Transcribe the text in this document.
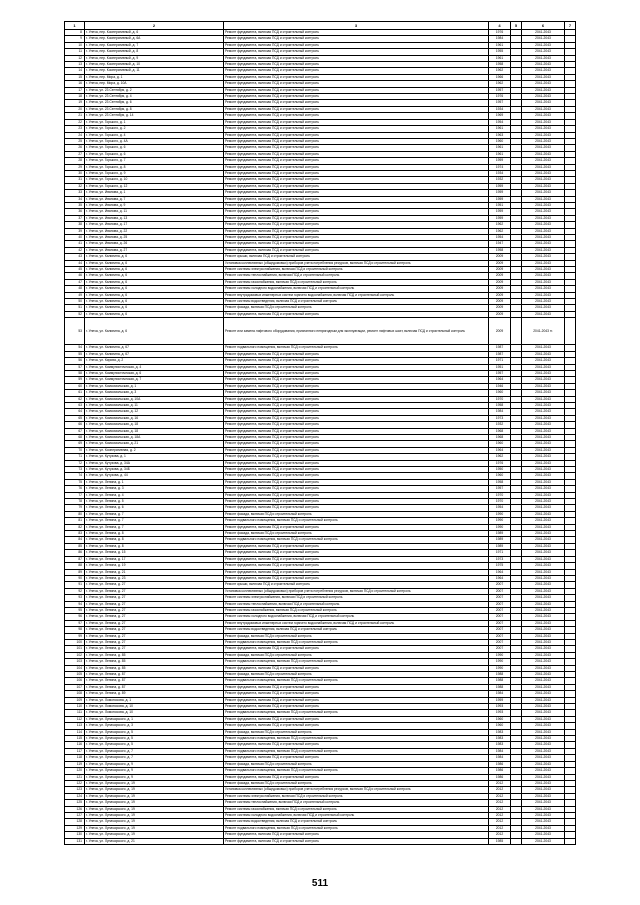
1	2	3	4	5	6	7
8	г. Унеча, пер. Кооперативный, д. 6	Ремонт фундамента, включая ПСД и строительный контроль	1976		2041-2043	
9	г. Унеча, пер. Кооперативный, д. 6А	Ремонт фундамента, включая ПСД и строительный контроль	1984		2041-2043	
10	г. Унеча, пер. Кооперативный, д. 7	Ремонт фундамента, включая ПСД и строительный контроль	1961		2041-2043	
11	г. Унеча, пер. Кооперативный, д. 8	Ремонт фундамента, включая ПСД и строительный контроль	1955		2041-2043	
12	г. Унеча, пер. Кооперативный, д. 9	Ремонт фундамента, включая ПСД и строительный контроль	1961		2041-2043	
13	г. Унеча, пер. Кооперативный, д. 10	Ремонт фундамента, включая ПСД и строительный контроль	1958		2041-2043	
14	г. Унеча, пер. Кооперативный, д. 11	Ремонт фундамента, включая ПСД и строительный контроль	1962		2041-2043	
15	г. Унеча, пер. Мира, д. 1	Ремонт фундамента, включая ПСД и строительный контроль	1966		2041-2043	
16	г. Унеча, пер. Мира, д. 10А	Ремонт фундамента, включая ПСД и строительный контроль	1962		2041-2043	
17	г. Унеча, ул. 23 Сентября, д. 2	Ремонт фундамента, включая ПСД и строительный контроль	1957		2041-2043	
18	г. Унеча, ул. 23 Сентября, д. 4	Ремонт фундамента, включая ПСД и строительный контроль	1976		2041-2043	
19	г. Унеча, ул. 23 Сентября, д. 6	Ремонт фундамента, включая ПСД и строительный контроль	1957		2041-2043	
20	г. Унеча, ул. 23 Сентября, д. 8	Ремонт фундамента, включая ПСД и строительный контроль	1934		2041-2043	
21	г. Унеча, ул. 23 Сентября, д. 14	Ремонт фундамента, включая ПСД и строительный контроль	1969		2041-2043	
22	г. Унеча, ул. Горького, д. 1	Ремонт фундамента, включая ПСД и строительный контроль	1954		2041-2043	
23	г. Унеча, ул. Горького, д. 2	Ремонт фундамента, включая ПСД и строительный контроль	1961		2041-2043	
24	г. Унеча, ул. Горького, д. 4	Ремонт фундамента, включая ПСД и строительный контроль	1963		2041-2043	
25	г. Унеча, ул. Горького, д. 4А	Ремонт фундамента, включая ПСД и строительный контроль	1960		2041-2043	
26	г. Унеча, ул. Горького, д. 6	Ремонт фундамента, включая ПСД и строительный контроль	1961		2041-2043	
27	г. Унеча, ул. Горького, д. 6	Ремонт фундамента, включая ПСД и строительный контроль	1961		2041-2043	
28	г. Унеча, ул. Горького, д. 7	Ремонт фундамента, включая ПСД и строительный контроль	1959		2041-2043	
29	г. Унеча, ул. Горького, д. 8	Ремонт фундамента, включая ПСД и строительный контроль	1974		2041-2043	
30	г. Унеча, ул. Горького, д. 9	Ремонт фундамента, включая ПСД и строительный контроль	1934		2041-2043	
31	г. Унеча, ул. Горького, д. 10	Ремонт фундамента, включая ПСД и строительный контроль	1932		2041-2043	
32	г. Унеча, ул. Горького, д. 12	Ремонт фундамента, включая ПСД и строительный контроль	1959		2041-2043	
33	г. Унеча, ул. Иванова, д. 1	Ремонт фундамента, включая ПСД и строительный контроль	1959		2041-2043	
34	г. Унеча, ул. Иванова, д. 7	Ремонт фундамента, включая ПСД и строительный контроль	1959		2041-2043	
35	г. Унеча, ул. Иванова, д. 9	Ремонт фундамента, включая ПСД и строительный контроль	1951		2041-2043	
36	г. Унеча, ул. Иванова, д. 11	Ремонт фундамента, включая ПСД и строительный контроль	1959		2041-2043	
37	г. Унеча, ул. Иванова, д. 13	Ремонт фундамента, включая ПСД и строительный контроль	1959		2041-2043	
38	г. Унеча, ул. Иванова, д. 17	Ремонт фундамента, включая ПСД и строительный контроль	1962		2041-2043	
39	г. Унеча, ул. Иванова, д. 22	Ремонт фундамента, включая ПСД и строительный контроль	1962		2041-2043	
40	г. Унеча, ул. Иванова, д. 25	Ремонт фундамента, включая ПСД и строительный контроль	1954		2041-2043	
41	г. Унеча, ул. Иванова, д. 26	Ремонт фундамента, включая ПСД и строительный контроль	1947		2041-2043	
42	г. Унеча, ул. Иванова, д. 27	Ремонт фундамента, включая ПСД и строительный контроль	1958		2041-2043	
43	г. Унеча, ул. Калинина, д. 6	Ремонт крыши, включая ПСД и строительный контроль	2009		2041-2043	
44	г. Унеча, ул. Калинина, д. 6	Установка коллективных (общедомовых) приборов учета потребления ресурсов, включая ПСД и строительный контроль	2009		2041-2043	
45	г. Унеча, ул. Калинина, д. 6	Ремонт системы электроснабжения, включая ПСД и строительный контроль	2009		2041-2043	
46	г. Унеча, ул. Калинина, д. 6	Ремонт системы теплоснабжения, включая ПСД и строительный контроль	2009		2041-2043	
47	г. Унеча, ул. Калинина, д. 6	Ремонт системы газоснабжения, включая ПСД и строительный контроль	2009		2041-2043	
48	г. Унеча, ул. Калинина, д. 6	Ремонт системы холодного водоснабжения, включая ПСД и строительный контроль	2009		2041-2043	
49	г. Унеча, ул. Калинина, д. 6	Ремонт внутридомовых инженерных систем горячего водоснабжения, включая ПСД и строительный контроль	2009		2041-2043	
50	г. Унеча, ул. Калинина, д. 6	Ремонт системы водоотведения, включая ПСД и строительный контроль	2009		2041-2043	
51	г. Унеча, ул. Калинина, д. 6	Ремонт фасада, включая ПСД и строительный контроль	2009		2041-2043	
52	г. Унеча, ул. Калинина, д. 6	Ремонт фундамента, включая ПСД и строительный контроль	2009		2041-2043	
53	г. Унеча, ул. Калинина, д. 6	Ремонт или замена лифтового оборудования, признанного непригодным для эксплуатации, ремонт лифтовых шахт, включая ПСД и строительный контроль	2009		2041-2043 гг.	
54	г. Унеча, ул. Калинина, д. 67	Ремонт подвального помещения, включая ПСД и строительный контроль	1987		2041-2043	
55	г. Унеча, ул. Калинина, д. 67	Ремонт фундамента, включая ПСД и строительный контроль	1987		2041-2043	
56	г. Унеча, ул. Кирова, д. 2	Ремонт фундамента, включая ПСД и строительный контроль	1971		2041-2043	
57	г. Унеча, ул. Коммунистическая, д. 4	Ремонт фундамента, включая ПСД и строительный контроль	1951		2041-2043	
58	г. Унеча, ул. Коммунистическая, д. 6	Ремонт фундамента, включая ПСД и строительный контроль	1957		2041-2043	
59	г. Унеча, ул. Коммунистическая, д. 7	Ремонт фундамента, включая ПСД и строительный контроль	1964		2041-2043	
60	г. Унеча, ул. Комсомольская, д. 1	Ремонт фундамента, включая ПСД и строительный контроль	1946		2041-2043	
61	г. Унеча, ул. Комсомольская, д. 3	Ремонт фундамента, включая ПСД и строительный контроль	1960		2041-2043	
62	г. Унеча, ул. Комсомольская, д. 10А	Ремонт фундамента, включая ПСД и строительный контроль	1970		2041-2043	
63	г. Унеча, ул. Комсомольская, д. 11	Ремонт фундамента, включая ПСД и строительный контроль	1958		2041-2043	
64	г. Унеча, ул. Комсомольская, д. 12	Ремонт фундамента, включая ПСД и строительный контроль	1984		2041-2043	
65	г. Унеча, ул. Комсомольская, д. 16	Ремонт фундамента, включая ПСД и строительный контроль	1973		2041-2043	
66	г. Унеча, ул. Комсомольская, д. 18	Ремонт фундамента, включая ПСД и строительный контроль	1932		2041-2043	
67	г. Унеча, ул. Комсомольская, д. 18	Ремонт фундамента, включая ПСД и строительный контроль	1968		2041-2043	
68	г. Унеча, ул. Комсомольская, д. 18А	Ремонт фундамента, включая ПСД и строительный контроль	1968		2041-2043	
69	г. Унеча, ул. Комсомольская, д. 21	Ремонт фундамента, включая ПСД и строительный контроль	1960		2041-2043	
70	г. Унеча, ул. Кооперативная, д. 2	Ремонт фундамента, включая ПСД и строительный контроль	1964		2041-2043	
71	г. Унеча, ул. Кутузова, д. 1	Ремонт фундамента, включая ПСД и строительный контроль	1962		2041-2043	
72	г. Унеча, ул. Кутузова, д. 34А	Ремонт фундамента, включая ПСД и строительный контроль	1976		2041-2043	
73	г. Унеча, ул. Кутузова, д. 34Б	Ремонт фундамента, включая ПСД и строительный контроль	1950		2041-2043	
74	г. Унеча, ул. Кутузова, д. 44	Ремонт фундамента, включая ПСД и строительный контроль	1960		2041-2043	
75	г. Унеча, ул. Ленина, д. 1	Ремонт фундамента, включая ПСД и строительный контроль	1958		2041-2043	
76	г. Унеча, ул. Ленина, д. 3	Ремонт фундамента, включая ПСД и строительный контроль	1957		2041-2043	
77	г. Унеча, ул. Ленина, д. 4	Ремонт фундамента, включая ПСД и строительный контроль	1970		2041-2043	
78	г. Унеча, ул. Ленина, д. 5	Ремонт фундамента, включая ПСД и строительный контроль	1970		2041-2043	
79	г. Унеча, ул. Ленина, д. 6	Ремонт фундамента, включая ПСД и строительный контроль	1954		2041-2043	
80	г. Унеча, ул. Ленина, д. 7	Ремонт фасада, включая ПСД и строительный контроль	1990		2041-2043	
81	г. Унеча, ул. Ленина, д. 7	Ремонт подвального помещения, включая ПСД и строительный контроль	1990		2041-2043	
82	г. Унеча, ул. Ленина, д. 7	Ремонт фундамента, включая ПСД и строительный контроль	1990		2041-2043	
83	г. Унеча, ул. Ленина, д. 8	Ремонт фасада, включая ПСД и строительный контроль	1989		2041-2043	
84	г. Унеча, ул. Ленина, д. 8	Ремонт подвального помещения, включая ПСД и строительный контроль	1989		2041-2043	
85	г. Унеча, ул. Ленина, д. 8	Ремонт фундамента, включая ПСД и строительный контроль	1989		2041-2043	
86	г. Унеча, ул. Ленина, д. 15	Ремонт фундамента, включая ПСД и строительный контроль	1971		2041-2043	
87	г. Унеча, ул. Ленина, д. 17	Ремонт фундамента, включая ПСД и строительный контроль	1973		2041-2043	
88	г. Унеча, ул. Ленина, д. 19	Ремонт фундамента, включая ПСД и строительный контроль	1975		2041-2043	
89	г. Унеча, ул. Ленина, д. 21	Ремонт фундамента, включая ПСД и строительный контроль	1964		2041-2043	
90	г. Унеча, ул. Ленина, д. 23	Ремонт фундамента, включая ПСД и строительный контроль	1964		2041-2043	
91	г. Унеча, ул. Ленина, д. 27	Ремонт крыши, включая ПСД и строительный контроль	2007		2041-2043	
92	г. Унеча, ул. Ленина, д. 27	Установка коллективных (общедомовых) приборов учета потребления ресурсов, включая ПСД и строительный контроль	2007		2041-2043	
93	г. Унеча, ул. Ленина, д. 27	Ремонт системы электроснабжения, включая ПСД и строительный контроль	2007		2041-2043	
94	г. Унеча, ул. Ленина, д. 27	Ремонт системы теплоснабжения, включая ПСД и строительный контроль	2007		2041-2043	
95	г. Унеча, ул. Ленина, д. 27	Ремонт системы газоснабжения, включая ПСД и строительный контроль	2007		2041-2043	
96	г. Унеча, ул. Ленина, д. 27	Ремонт системы холодного водоснабжения, включая ПСД и строительный контроль	2007		2041-2043	
97	г. Унеча, ул. Ленина, д. 27	Ремонт внутридомовых инженерных систем горячего водоснабжения, включая ПСД и строительный контроль	2007		2041-2043	
98	г. Унеча, ул. Ленина, д. 27	Ремонт системы водоотведения, включая ПСД и строительный контроль	2007		2041-2043	
99	г. Унеча, ул. Ленина, д. 27	Ремонт фасада, включая ПСД и строительный контроль	2007		2041-2043	
100	г. Унеча, ул. Ленина, д. 27	Ремонт подвального помещения, включая ПСД и строительный контроль	2007		2041-2043	
101	г. Унеча, ул. Ленина, д. 27	Ремонт фундамента, включая ПСД и строительный контроль	2007		2041-2043	
102	г. Унеча, ул. Ленина, д. 85	Ремонт фасада, включая ПСД и строительный контроль	1990		2041-2043	
103	г. Унеча, ул. Ленина, д. 85	Ремонт подвального помещения, включая ПСД и строительный контроль	1990		2041-2043	
104	г. Унеча, ул. Ленина, д. 85	Ремонт фундамента, включая ПСД и строительный контроль	1990		2041-2043	
105	г. Унеча, ул. Ленина, д. 87	Ремонт фасада, включая ПСД и строительный контроль	1988		2041-2043	
106	г. Унеча, ул. Ленина, д. 87	Ремонт подвального помещения, включая ПСД и строительный контроль	1988		2041-2043	
107	г. Унеча, ул. Ленина, д. 87	Ремонт фундамента, включая ПСД и строительный контроль	1988		2041-2043	
108	г. Унеча, ул. Ленина, д. 89	Ремонт фундамента, включая ПСД и строительный контроль	1984		2041-2043	
109	г. Унеча, ул. Ломоносова, д. 1	Ремонт фундамента, включая ПСД и строительный контроль	1959		2041-2043	
110	г. Унеча, ул. Ломоносова, д. 10	Ремонт фундамента, включая ПСД и строительный контроль	1993		2041-2043	
111	г. Унеча, ул. Ломоносова, д. 10	Ремонт подвального помещения, включая ПСД и строительный контроль	1993		2041-2043	
112	г. Унеча, ул. Луначарского, д. 1	Ремонт фундамента, включая ПСД и строительный контроль	1960		2041-2043	
113	г. Унеча, ул. Луначарского, д. 3	Ремонт фундамента, включая ПСД и строительный контроль	1960		2041-2043	
114	г. Унеча, ул. Луначарского, д. 5	Ремонт фасада, включая ПСД и строительный контроль	1983		2041-2043	
115	г. Унеча, ул. Луначарского, д. 5	Ремонт подвального помещения, включая ПСД и строительный контроль	1983		2041-2043	
116	г. Унеча, ул. Луначарского, д. 5	Ремонт фундамента, включая ПСД и строительный контроль	1983		2041-2043	
117	г. Унеча, ул. Луначарского, д. 7	Ремонт подвального помещения, включая ПСД и строительный контроль	1984		2041-2043	
118	г. Унеча, ул. Луначарского, д. 7	Ремонт фундамента, включая ПСД и строительный контроль	1984		2041-2043	
119	г. Унеча, ул. Луначарского, д. 9	Ремонт фасада, включая ПСД и строительный контроль	1986		2041-2043	
120	г. Унеча, ул. Луначарского, д. 9	Ремонт подвального помещения, включая ПСД и строительный контроль	1986		2041-2043	
121	г. Унеча, ул. Луначарского, д. 9	Ремонт фундамента, включая ПСД и строительный контроль	1986		2041-2043	
122	г. Унеча, ул. Луначарского, д. 19	Ремонт фасада, включая ПСД и строительный контроль	2012		2041-2043	
123	г. Унеча, ул. Луначарского, д. 19	Установка коллективных (общедомовых) приборов учета потребления ресурсов, включая ПСД и строительный контроль	2012		2041-2043	
124	г. Унеча, ул. Луначарского, д. 19	Ремонт системы электроснабжения, включая ПСД и строительный контроль	2012		2041-2043	
125	г. Унеча, ул. Луначарского, д. 19	Ремонт системы теплоснабжения, включая ПСД и строительный контроль	2012		2041-2043	
126	г. Унеча, ул. Луначарского, д. 19	Ремонт системы газоснабжения, включая ПСД и строительный контроль	2012		2041-2043	
127	г. Унеча, ул. Луначарского, д. 19	Ремонт системы холодного водоснабжения, включая ПСД и строительный контроль	2012		2041-2043	
128	г. Унеча, ул. Луначарского, д. 19	Ремонт системы водоотведения, включая ПСД и строительный контроль	2012		2041-2043	
129	г. Унеча, ул. Луначарского, д. 19	Ремонт подвального помещения, включая ПСД и строительный контроль	2012		2041-2043	
130	г. Унеча, ул. Луначарского, д. 19	Ремонт фундамента, включая ПСД и строительный контроль	2012		2041-2043	
131	г. Унеча, ул. Луначарского, д. 21	Ремонт фундамента, включая ПСД и строительный контроль	1985		2041-2043	
511
